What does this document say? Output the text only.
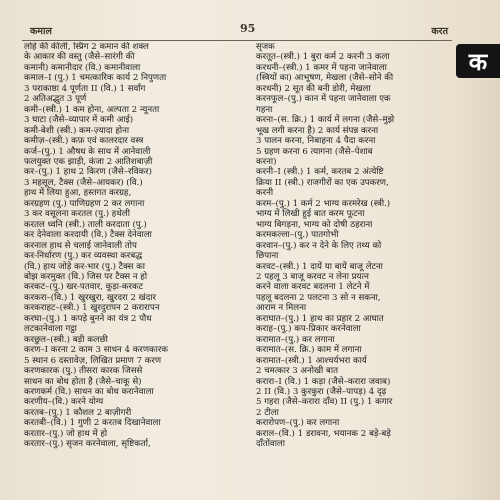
कमाल	95	करत
लोहे की कीली, स्प्रिंग 2 कमान की शक्ल
के आकार की वस्तु (जैसे–सारंगी की
कमानी) कमानीदार (वि.) कमानीवाला
कमाल–I (पु.) 1 चमत्कारिक कार्य 2 निपुणता
3 पराकाष्ठा 4 पूर्णता II (वि.) 1 सर्वांग
2 अतिअद्भुत 3 पूर्ण
कमी–(स्त्री.) 1 कम होना, अल्पता 2 न्यूनता
3 घाटा (जैसे–व्यापार में कमी आई)
कमी-बेशी (स्त्री.) कम-ज़्यादा होना
कमीज़–(स्त्री.) कफ़ एवं कालरदार वस्त्र
कर्ज–(पु.) 1 औषध के साथ में आनेवाली
फलयुक्त एक झाड़ी, कंजा 2 आतिशबाज़ी
कर–(पु.) 1 हाथ 2 किरण (जैसे–रविकर)
3 महसूल, टैक्स (जैसे–आयकर) (वि.)
हाथ में लिया हुआ, हस्तगत करग्रह,
करग्रहण (पु.) पाणिग्रहण 2 कर लगाना
3 कर वसूलना करतल (पु.) हथेली
करतल ध्वनि (स्त्री.) ताली करदाता (पु.)
कर देनेवाला करदायी (वि.) टैक्स देनेवाला
करनाल हाथ से चलाई जानेवाली तोप
कर-निर्धारण (पु.) कर व्यवस्था करबद्ध
(वि.) हाथ जोड़े कर-भार (पु.) टैक्स का
बोझ करमुक्त (वि.) जिस पर टैक्स न हो
करकट–(पु.) खर-पतवार, कूड़ा-करकट
करकरा–(वि.) 1 खुरखुरा, खुरदरा 2 खंदार
करकराहट–(स्त्री.) 1 खुरदुरापन 2 करारापन
करघा–(पु.) 1 कपड़े बुनने का यंत्र 2 पौध
लटकानेवाला गट्ठा
करछुल–(स्त्री.) बड़ी कलछी
करण–I करना 2 काम 3 साधन 4 करणकारक
5 स्थान 6 दस्तावेज़, लिखित प्रमाण 7 करण
करणकारक (पु.) तीसरा कारक जिससे
साधन का बोध होता है (जैसे–चाकू से)
करणकर्म (वि.) साधन का बोध करानेवाला
करणीय–(वि.) करने योग्य
करतब–(पु.) 1 कौशल 2 बाज़ीगरी
करतबी–(वि.) 1 गुणी 2 करतब दिखानेवाला
करतार–(पु.) जो हाथ में हो
करतार–(पु.) सृजन करनेवाला, सृष्टिकर्ता,
सृजक
करतूत–(स्त्री.) 1 बुरा कर्म 2 करनी 3 कला
करधनी–(स्त्री.) 1 कमर में पहना जानेवाला
(स्त्रियों का) आभूषण, मेखला (जैसे–सोने की
करधनी) 2 सूत की बनी डोरी, मेखला
करनफूल–(पु.) कान में पहना जानेवाला एक
गहना
करना–(स. क्रि.) 1 कार्य में लगना (जैसे–मुझे
भूख लगी करना है) 2 कार्य संपन्न करना
3 पालन करना, निबाहना 4 पैदा करना
5 ग्रहण करना 6 त्यागना (जैसे–पेशाब
करना)
करनी–I (स्त्री.) 1 कर्म, करतब 2 अंत्येष्टि
क्रिया II (स्त्री.) राजगीरों का एक उपकरण,
करनी
करम–(पु.) 1 कर्म 2 भाग्य करमरेख (स्त्री.)
भाग्य में लिखी हुई बात करम फूटना
भाग्य बिगड़ना, भाग्य को दोषी ठहराना
करमकल्ला–(पु.) पातगोभी
करवान–(पु.) कर न देने के लिए तथ्य को
छिपाना
करवट–(स्त्री.) 1 दायें या बायें बाजू लेटना
2 पहलू 3 बाजू करवट न लेना प्रयत्न
करने वाला करवट बदलना 1 लेटने में
पहलू बदलना 2 पलटना 3 सो न सकना,
आराम न मिलना
कराघात–(पु.) 1 हाथ का प्रहार 2 आघात
कराह–(पु.) कप-प्रिकार करनेवाला
करामात–(पु.) कर लगाना
करामात–(स. क्रि.) काम में लगाना
करामात–(स्त्री.) 1 आश्चर्यभरा कार्य
2 चमत्कार 3 अनोखी बात
करारा–I (वि.) 1 कड़ा (जैसे–करारा जवाब)
2 II (वि.) 3 कुरकुरा (जैसे–पापड़) 4 दृढ़
5 गहरा (जैसे–करारा दाँव) II (पु.) 1 कगार
2 टीला
करारोपण–(पु.) कर लगाना
कराल–(वि.) 1 डरावना, भयानक 2 बड़े-बड़े
दाँतोंवाला
क
